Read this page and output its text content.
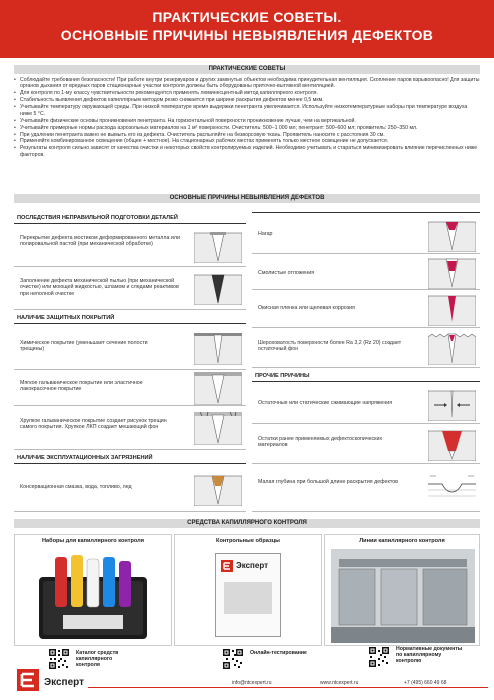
ПРАКТИЧЕСКИЕ СОВЕТЫ.
ОСНОВНЫЕ ПРИЧИНЫ НЕВЫЯВЛЕНИЯ ДЕФЕКТОВ
ПРАКТИЧЕСКИЕ СОВЕТЫ
• Соблюдайте требования безопасности! При работе внутри резервуаров и других замкнутых объектов необходима принудительная вентиляция. Скопление паров взрывоопасно! Для защиты органов дыхания от вредных паров стационарные участки контроля должны быть оборудованы приточно-вытяжной вентиляцией.
• Для контроля по 1-му классу чувствительности рекомендуется применять люминесцентный метод капиллярного контроля.
• Стабильность выявления дефектов капиллярным методом резко снижается при ширине раскрытия дефектов менее 0,5 мкм.
• Учитывайте температуру окружающей среды. При низкой температуре время выдержки пенетранта увеличивается. Используйте низкотемпературные наборы при температуре воздуха ниже 5 °С.
• Учитывайте физические основы проникновения пенетранта. На горизонтальной поверхности проникновение лучше, чем на вертикальной.
• Учитывайте примерные нормы расхода аэрозольных материалов на 1 м² поверхности. Очиститель: 500–1 000 мл; пенетрант: 500–600 мл; проявитель: 250–350 мл.
• При удалении пенетранта важно не вымыть его из дефекта. Очиститель распыляйте на безворсовую ткань. Проявитель наносите с расстояния 30 см.
• Применяйте комбинированное освещение (общее + местное). На стационарных рабочих местах применять только местное освещение не допускается.
• Результаты контроля сильно зависят от качества очистки и некоторых свойств контролируемых изделий. Необходимо учитывать и стараться минимизировать влияние перечисленных ниже факторов.
ОСНОВНЫЕ ПРИЧИНЫ НЕВЫЯВЛЕНИЯ ДЕФЕКТОВ
ПОСЛЕДСТВИЯ НЕПРАВИЛЬНОЙ ПОДГОТОВКИ ДЕТАЛЕЙ
Перекрытие дефекта мостиком деформированного металла или полировальной пастой (при механической обработке)
Заполнение дефекта механической пылью (при механической очистке) или моющей жидкостью, шламом и следами реактивов при неполной очистке
НАЛИЧИЕ ЗАЩИТНЫХ ПОКРЫТИЙ
Химическое покрытие (уменьшает сечение полости трещины)
Мягкое гальваническое покрытие или эластичное лакокрасочное покрытие
Хрупкое гальваническое покрытие создает рисунок трещин самого покрытия. Хрупкое ЛКП создает мешающий фон
НАЛИЧИЕ ЭКСПЛУАТАЦИОННЫХ ЗАГРЯЗНЕНИЙ
Консервационная смазка, вода, топливо, лед
Нагар
Смолистые отложения
Окисная пленка или щелевая коррозия
Шероховатость поверхности более Ra 3,2 (Rz 20) создает остаточный фон
ПРОЧИЕ ПРИЧИНЫ
Остаточные или статические сжимающие напряжения
Остатки ранее применяемых дефектоскопических материалов
Малая глубина при большой длине раскрытия дефектов
СРЕДСТВА КАПИЛЛЯРНОГО КОНТРОЛЯ
Наборы для капиллярного контроля	Контрольные образцы
Эксперт
Линии капиллярного контроля
Каталог средств капиллярного контроля
Онлайн-тестирование
Нормативные документы по капиллярному контролю
Эксперт	info@ntcexpert.ru	www.ntcexpert.ru	+7 (495) 660 49 68
